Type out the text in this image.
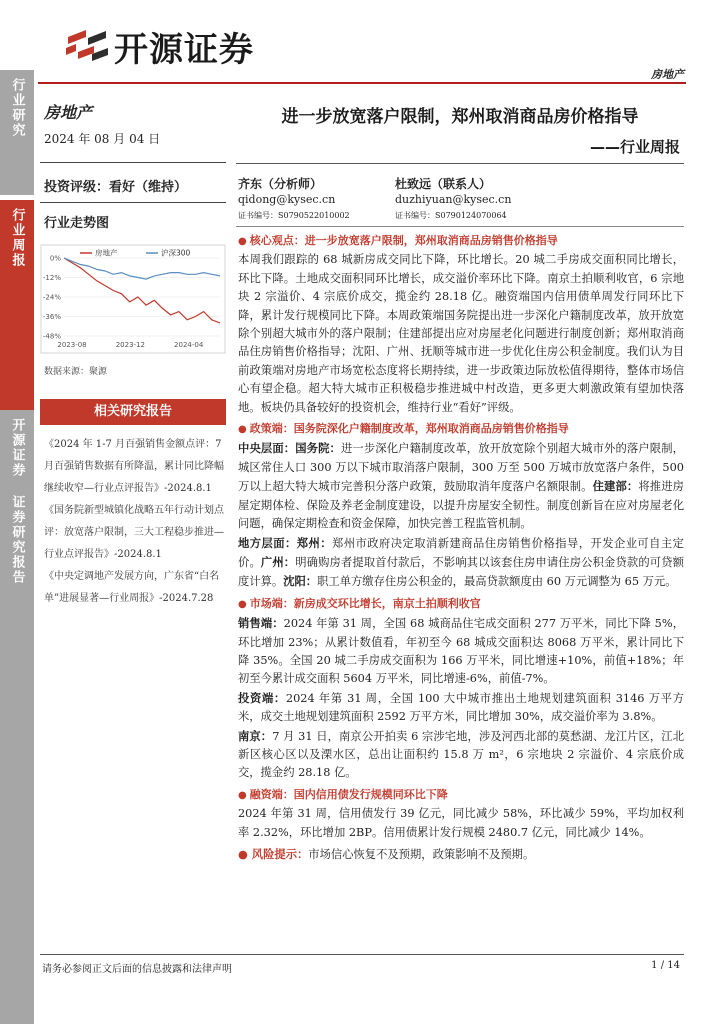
开源证券
房地产
行业研究
行业周报
开源证券 证券研究报告
房地产
2024 年 08 月 04 日
投资评级：看好（维持）
行业走势图
0%
-12%
-24%
-36%
-48%
2023-08	2023-12	2024-04
房地产	沪深300
数据来源：聚源
相关研究报告
《2024 年 1-7 月百强销售金额点评：7 月百强销售数据有所降温，累计同比降幅继续收窄—行业点评报告》-2024.8.1
《国务院新型城镇化战略五年行动计划点评：放宽落户限制，三大工程稳步推进—行业点评报告》-2024.8.1
《中央定调地产发展方向，广东省“白名单”进展显著—行业周报》-2024.7.28
进一步放宽落户限制，郑州取消商品房价格指导
——行业周报
齐东（分析师）
qidong@kysec.cn
证书编号：S0790522010002
杜致远（联系人）
duzhiyuan@kysec.cn
证书编号：S0790124070064
● 核心观点：进一步放宽落户限制，郑州取消商品房销售价格指导

本周我们跟踪的 68 城新房成交同比下降，环比增长。20 城二手房成交面积同比增长，环比下降。土地成交面积同环比增长，成交溢价率环比下降。南京土拍顺利收官，6 宗地块 2 宗溢价、4 宗底价成交，揽金约 28.18 亿。融资端国内信用债单周发行同环比下降，累计发行规模同比下降。本周政策端国务院提出进一步深化户籍制度改革，放开放宽除个别超大城市外的落户限制；住建部提出应对房屋老化问题进行制度创新；郑州取消商品住房销售价格指导；沈阳、广州、抚顺等城市进一步优化住房公积金制度。我们认为目前政策端对房地产市场宽松态度将长期持续，进一步政策边际放松值得期待，整体市场信心有望企稳。超大特大城市正积极稳步推进城中村改造，更多更大刺激政策有望加快落地。板块仍具备较好的投资机会，维持行业“看好”评级。

● 政策端：国务院深化户籍制度改革，郑州取消商品房销售价格指导

中央层面：国务院：进一步深化户籍制度改革，放开放宽除个别超大城市外的落户限制，城区常住人口 300 万以下城市取消落户限制，300 万至 500 万城市放宽落户条件，500 万以上超大特大城市完善积分落户政策，鼓励取消年度落户名额限制。住建部：将推进房屋定期体检、保险及养老金制度建设，以提升房屋安全韧性。制度创新旨在应对房屋老化问题，确保定期检查和资金保障，加快完善工程监管机制。

地方层面：郑州：郑州市政府决定取消新建商品住房销售价格指导，开发企业可自主定价。广州：明确购房者提取首付款后，不影响其以该套住房申请住房公积金贷款的可贷额度计算。沈阳：职工单方缴存住房公积金的，最高贷款额度由 60 万元调整为 65 万元。

● 市场端：新房成交环比增长，南京土拍顺利收官

销售端：2024 年第 31 周，全国 68 城商品住宅成交面积 277 万平米，同比下降 5%，环比增加 23%；从累计数值看，年初至今 68 城成交面积达 8068 万平米，累计同比下降 35%。全国 20 城二手房成交面积为 166 万平米，同比增速+10%，前值+18%；年初至今累计成交面积 5604 万平米，同比增速-6%，前值-7%。

投资端：2024 年第 31 周，全国 100 大中城市推出土地规划建筑面积 3146 万平方米，成交土地规划建筑面积 2592 万平方米，同比增加 30%，成交溢价率为 3.8%。

南京：7 月 31 日，南京公开拍卖 6 宗涉宅地，涉及河西北部的莫愁湖、龙江片区，江北新区核心区以及溧水区，总出让面积约 15.8 万 m²，6 宗地块 2 宗溢价、4 宗底价成交，揽金约 28.18 亿。

● 融资端：国内信用债发行规模同环比下降

2024 年第 31 周，信用债发行 39 亿元，同比减少 58%，环比减少 59%，平均加权利率 2.32%，环比增加 2BP。信用债累计发行规模 2480.7 亿元，同比减少 14%。

● 风险提示：市场信心恢复不及预期，政策影响不及预期。

请务必参阅正文后面的信息披露和法律声明	1 / 14
